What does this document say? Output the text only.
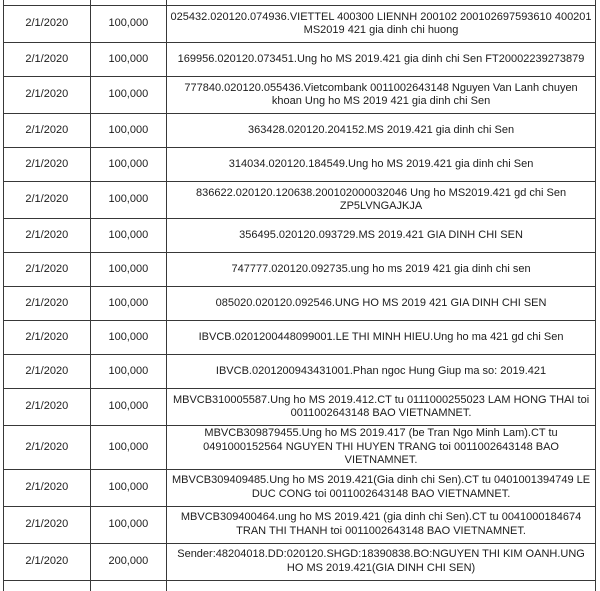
2/1/2020	100,000	025432.020120.074936.VIETTEL 400300 LIENNH 200102 200102697593610 400201 MS2019 421 gia dinh chi huong
2/1/2020	100,000	169956.020120.073451.Ung ho MS 2019.421 gia dinh chi Sen FT20002239273879
2/1/2020	100,000	777840.020120.055436.Vietcombank 0011002643148 Nguyen Van Lanh chuyen khoan Ung ho MS 2019 421 gia dinh chi Sen
2/1/2020	100,000	363428.020120.204152.MS 2019.421 gia dinh chi Sen
2/1/2020	100,000	314034.020120.184549.Ung ho MS 2019.421 gia dinh chi Sen
2/1/2020	100,000	836622.020120.120638.200102000032046 Ung ho MS2019.421 gd chi Sen ZP5LVNGAJKJA
2/1/2020	100,000	356495.020120.093729.MS 2019.421 GIA DINH CHI SEN
2/1/2020	100,000	747777.020120.092735.ung ho ms 2019 421 gia dinh chi sen
2/1/2020	100,000	085020.020120.092546.UNG HO MS 2019 421 GIA DINH CHI SEN
2/1/2020	100,000	IBVCB.0201200448099001.LE THI MINH HIEU.Ung ho ma 421 gd chi Sen
2/1/2020	100,000	IBVCB.0201200943431001.Phan ngoc Hung Giup ma so: 2019.421
2/1/2020	100,000	MBVCB310005587.Ung ho MS 2019.412.CT tu 0111000255023 LAM HONG THAI toi 0011002643148 BAO VIETNAMNET.
2/1/2020	100,000	MBVCB309879455.Ung ho MS 2019.417 (be Tran Ngo Minh Lam).CT tu 0491000152564 NGUYEN THI HUYEN TRANG toi 0011002643148 BAO VIETNAMNET.
2/1/2020	100,000	MBVCB309409485.Ung ho MS 2019.421(Gia dinh chi Sen).CT tu 0401001394749 LE DUC CONG toi 0011002643148 BAO VIETNAMNET.
2/1/2020	100,000	MBVCB309400464.ung ho MS 2019.421 (gia dinh chi Sen).CT tu 0041000184674 TRAN THI THANH toi 0011002643148 BAO VIETNAMNET.
2/1/2020	200,000	Sender:48204018.DD:020120.SHGD:18390838.BO:NGUYEN THI KIM OANH.UNG HO MS 2019.421(GIA DINH CHI SEN)
